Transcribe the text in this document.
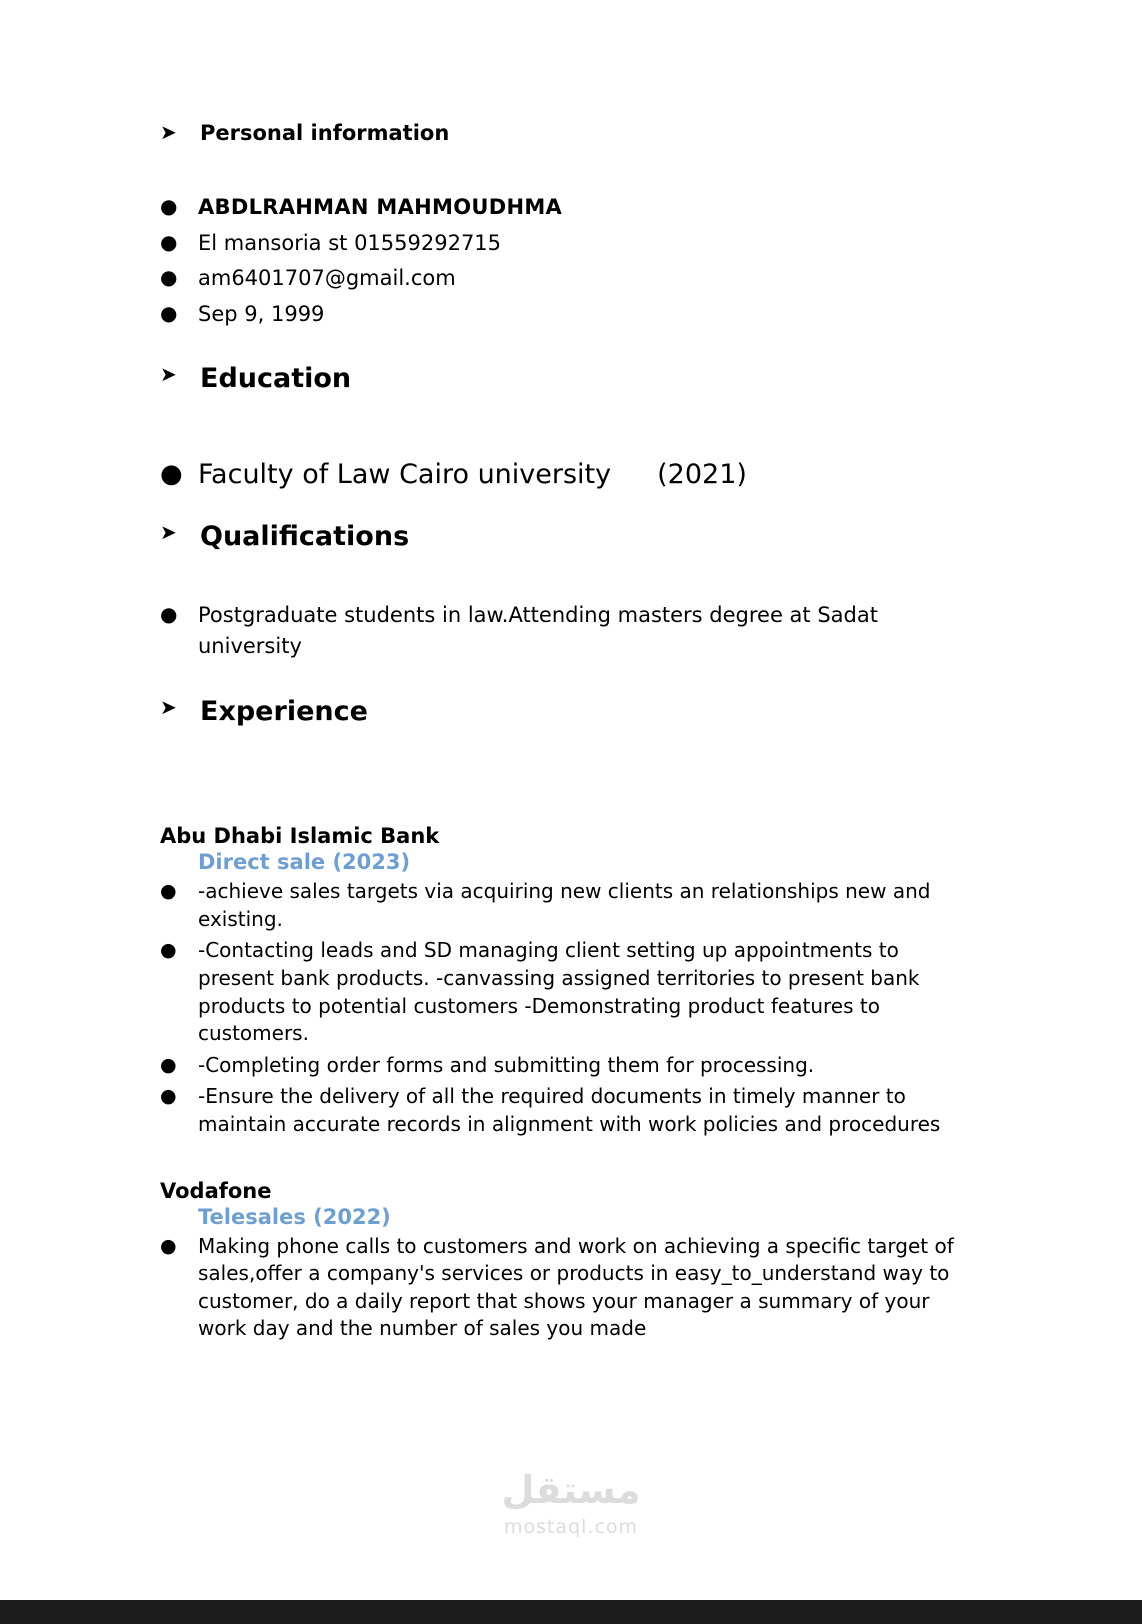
➤	Personal information
● ABDLRAHMAN MAHMOUDHMA
● El mansoria st 01559292715
● am6401707@gmail.com
● Sep 9, 1999
➤ Education
● Faculty of Law Cairo university (2021)
➤ Qualifications
● Postgraduate students in law.Attending masters degree at Sadat university
➤ Experience
Abu Dhabi Islamic Bank
Direct sale (2023)
●	-achieve sales targets via acquiring new clients an relationships new and existing.
●	-Contacting leads and SD managing client setting up appointments to present bank products. -canvassing assigned territories to present bank products to potential customers -Demonstrating product features to customers.
●	-Completing order forms and submitting them for processing.
●	-Ensure the delivery of all the required documents in timely manner to maintain accurate records in alignment with work policies and procedures
Vodafone
Telesales (2022)
●	Making phone calls to customers and work on achieving a specific target of sales,offer a company's services or products in easy_to_understand way to customer, do a daily report that shows your manager a summary of your work day and the number of sales you made
مستقل
mostaql.com
